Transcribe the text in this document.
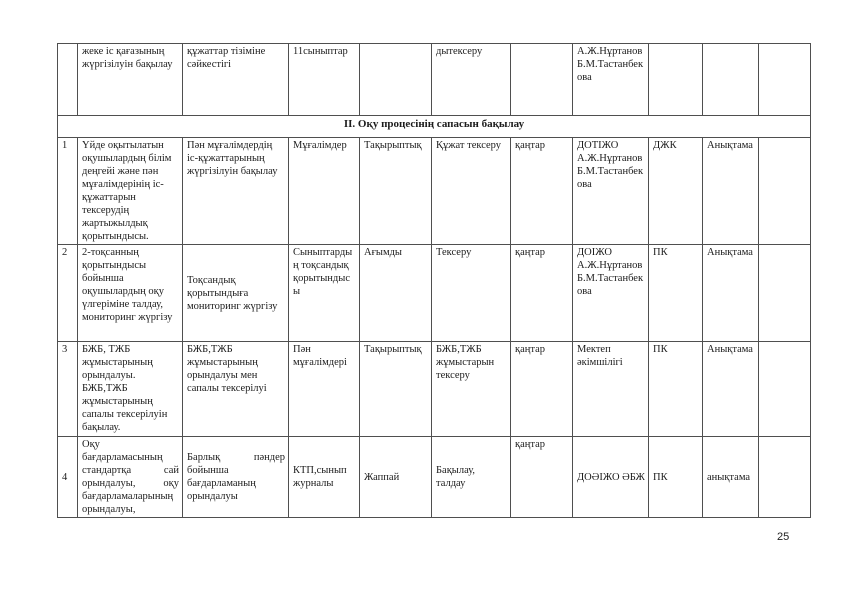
	жеке іс қағазының жүргізілуін бақылау	құжаттар тізіміне сәйкестігі	11сыныптар		дытексеру		А.Ж.Нұртанов Б.М.Тастанбекова			
ІІ. Оқу процесінің сапасын бақылау										
1	Үйде оқытылатын оқушылардың білім деңгейі және пән мұғалімдерінің іс-құжаттарын тексерудің жартыжылдық қорытындысы.	Пән мұғалімдердің іс-құжаттарының жүргізілуін бақылау	Мұғалімдер	Тақырыптық	Құжат тексеру	қаңтар	ДОТІЖО А.Ж.Нұртанов Б.М.Тастанбекова	ДЖК	Анықтама	
2	2-тоқсанның қорытындысы бойынша оқушылардың оқу үлгеріміне талдау, мониторинг жүргізу	Тоқсандық қорытындыға мониторинг жүргізу	Сыныптардың тоқсандық қорытындысы	Ағымды	Тексеру	қаңтар	ДОІЖО А.Ж.Нұртанов Б.М.Тастанбекова	ПК	Анықтама	
3	БЖБ, ТЖБ жұмыстарының орындалуы. БЖБ,ТЖБ жұмыстарының сапалы тексерілуін бақылау.	БЖБ,ТЖБ жұмыстарының орындалуы мен сапалы тексерілуі	Пән мұғалімдері	Тақырыптық	БЖБ,ТЖБ жұмыстарын тексеру	қаңтар	Мектеп әкімшілігі	ПК	Анықтама	
4	Оқу бағдарламасының стандартқа сай орындалуы, оқу бағдарламаларының орындалуы,	Барлық пәндер бойынша бағдарламаның орындалуы	КТП,сынып журналы	Жаппай	Бақылау, талдау	қаңтар	ДОӘІЖО ӘБЖ	ПК	анықтама	
25
